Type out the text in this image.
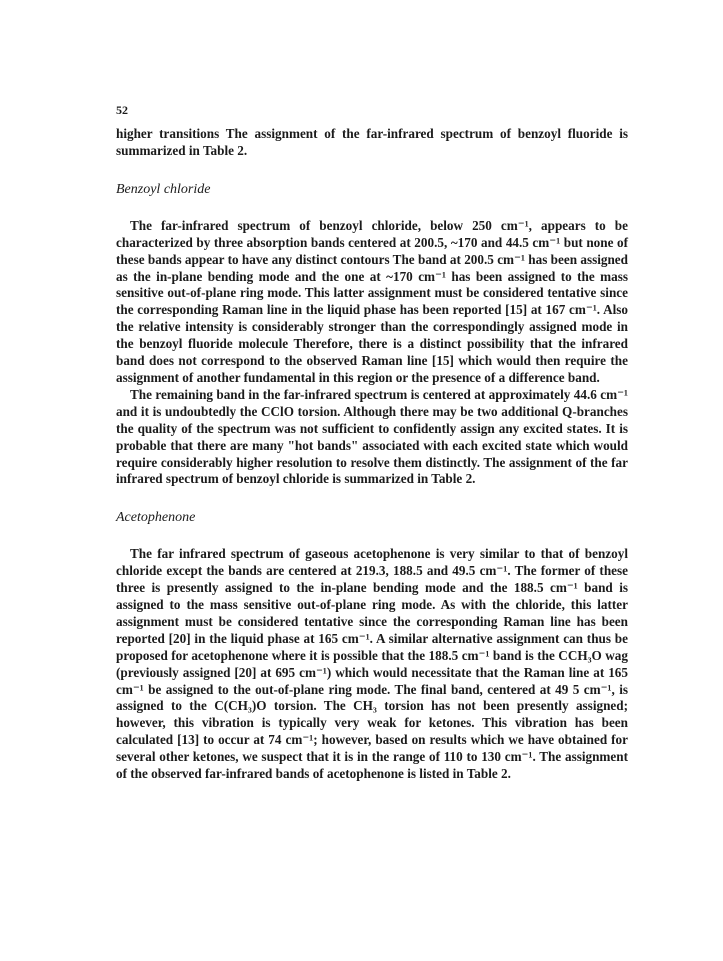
52

higher transitions The assignment of the far-infrared spectrum of benzoyl fluoride is summarized in Table 2.

Benzoyl chloride

The far-infrared spectrum of benzoyl chloride, below 250 cm⁻¹, appears to be characterized by three absorption bands centered at 200.5, ~170 and 44.5 cm⁻¹ but none of these bands appear to have any distinct contours The band at 200.5 cm⁻¹ has been assigned as the in-plane bending mode and the one at ~170 cm⁻¹ has been assigned to the mass sensitive out-of-plane ring mode. This latter assignment must be considered tentative since the corresponding Raman line in the liquid phase has been reported [15] at 167 cm⁻¹. Also the relative intensity is considerably stronger than the correspondingly assigned mode in the benzoyl fluoride molecule Therefore, there is a distinct possibility that the infrared band does not correspond to the observed Raman line [15] which would then require the assignment of another fundamental in this region or the presence of a difference band.

The remaining band in the far-infrared spectrum is centered at approximately 44.6 cm⁻¹ and it is undoubtedly the CClO torsion. Although there may be two additional Q-branches the quality of the spectrum was not sufficient to confidently assign any excited states. It is probable that there are many "hot bands" associated with each excited state which would require considerably higher resolution to resolve them distinctly. The assignment of the far infrared spectrum of benzoyl chloride is summarized in Table 2.

Acetophenone

The far infrared spectrum of gaseous acetophenone is very similar to that of benzoyl chloride except the bands are centered at 219.3, 188.5 and 49.5 cm⁻¹. The former of these three is presently assigned to the in-plane bending mode and the 188.5 cm⁻¹ band is assigned to the mass sensitive out-of-plane ring mode. As with the chloride, this latter assignment must be considered tentative since the corresponding Raman line has been reported [20] in the liquid phase at 165 cm⁻¹. A similar alternative assignment can thus be proposed for acetophenone where it is possible that the 188.5 cm⁻¹ band is the CCH₃O wag (previously assigned [20] at 695 cm⁻¹) which would necessitate that the Raman line at 165 cm⁻¹ be assigned to the out-of-plane ring mode. The final band, centered at 49 5 cm⁻¹, is assigned to the C(CH₃)O torsion. The CH₃ torsion has not been presently assigned; however, this vibration is typically very weak for ketones. This vibration has been calculated [13] to occur at 74 cm⁻¹; however, based on results which we have obtained for several other ketones, we suspect that it is in the range of 110 to 130 cm⁻¹. The assignment of the observed far-infrared bands of acetophenone is listed in Table 2.
